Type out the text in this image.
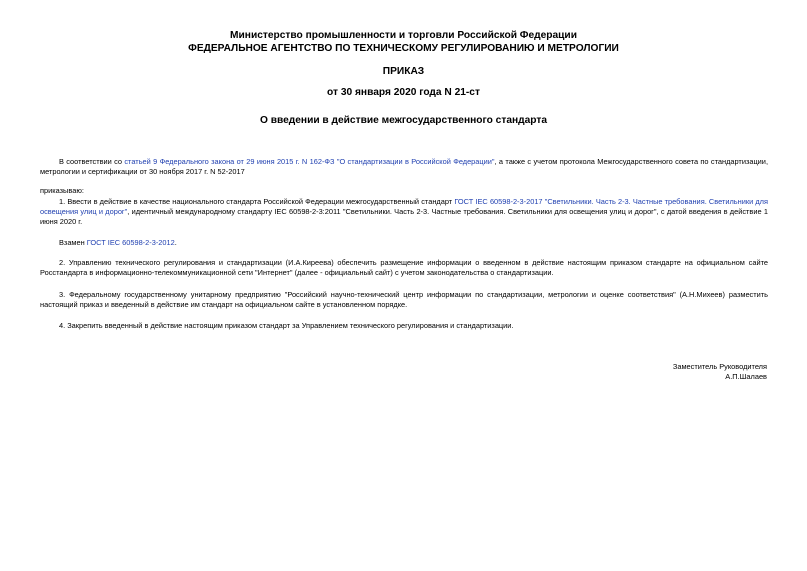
Министерство промышленности и торговли Российской Федерации
ФЕДЕРАЛЬНОЕ АГЕНТСТВО ПО ТЕХНИЧЕСКОМУ РЕГУЛИРОВАНИЮ И МЕТРОЛОГИИ
ПРИКАЗ
от 30 января 2020 года N 21-ст
О введении в действие межгосударственного стандарта
В соответствии со статьей 9 Федерального закона от 29 июня 2015 г. N 162-ФЗ "О стандартизации в Российской Федерации", а также с учетом протокола Межгосударственного совета по стандартизации, метрологии и сертификации от 30 ноября 2017 г. N 52-2017
приказываю:
1. Ввести в действие в качестве национального стандарта Российской Федерации межгосударственный стандарт ГОСТ IEC 60598-2-3-2017 "Светильники. Часть 2-3. Частные требования. Светильники для освещения улиц и дорог", идентичный международному стандарту IEC 60598-2-3:2011 "Светильники. Часть 2-3. Частные требования. Светильники для освещения улиц и дорог", с датой введения в действие 1 июня 2020 г.
Взамен ГОСТ IEC 60598-2-3-2012.
2. Управлению технического регулирования и стандартизации (И.А.Киреева) обеспечить размещение информации о введенном в действие настоящим приказом стандарте на официальном сайте Росстандарта в информационно-телекоммуникационной сети "Интернет" (далее - официальный сайт) с учетом законодательства о стандартизации.
3. Федеральному государственному унитарному предприятию "Российский научно-технический центр информации по стандартизации, метрологии и оценке соответствия" (А.Н.Михеев) разместить настоящий приказ и введенный в действие им стандарт на официальном сайте в установленном порядке.
4. Закрепить введенный в действие настоящим приказом стандарт за Управлением технического регулирования и стандартизации.
Заместитель Руководителя
А.П.Шалаев
